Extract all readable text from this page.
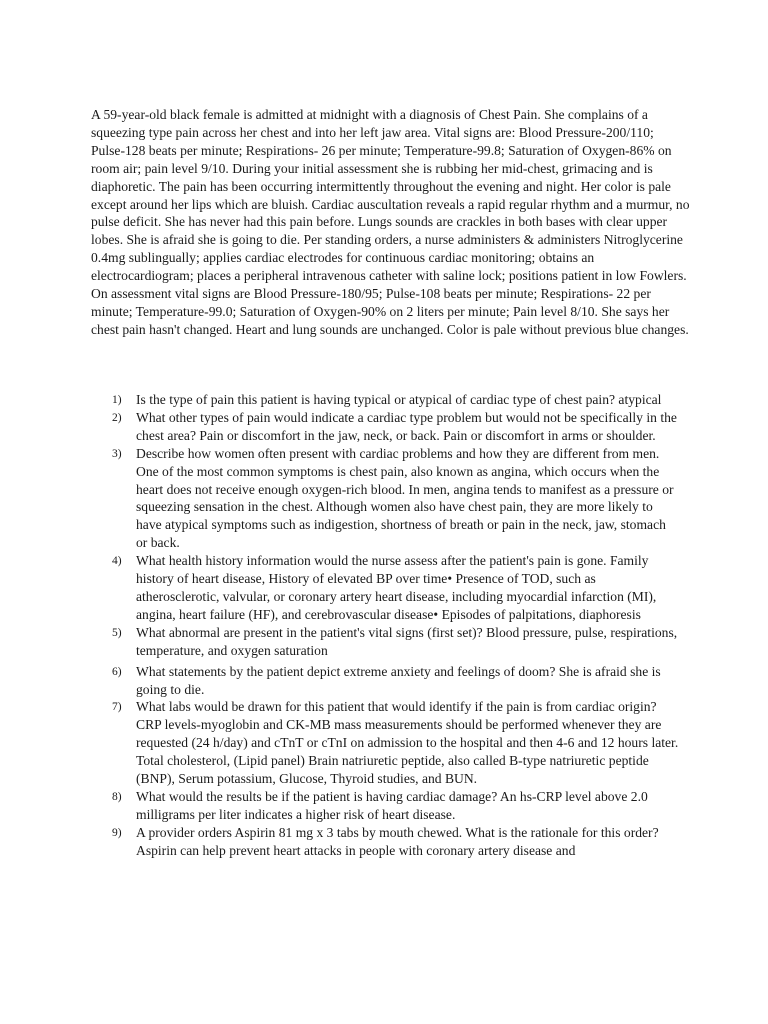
A 59-year-old black female is admitted at midnight with a diagnosis of Chest Pain. She complains of a squeezing type pain across her chest and into her left jaw area. Vital signs are: Blood Pressure-200/110; Pulse-128 beats per minute; Respirations- 26 per minute; Temperature-99.8; Saturation of Oxygen-86% on room air; pain level 9/10. During your initial assessment she is rubbing her mid-chest, grimacing and is diaphoretic. The pain has been occurring intermittently throughout the evening and night. Her color is pale except around her lips which are bluish. Cardiac auscultation reveals a rapid regular rhythm and a murmur, no pulse deficit. She has never had this pain before. Lungs sounds are crackles in both bases with clear upper lobes. She is afraid she is going to die. Per standing orders, a nurse administers & administers Nitroglycerine 0.4mg sublingually; applies cardiac electrodes for continuous cardiac monitoring; obtains an electrocardiogram; places a peripheral intravenous catheter with saline lock; positions patient in low Fowlers. On assessment vital signs are Blood Pressure-180/95; Pulse-108 beats per minute; Respirations- 22 per minute; Temperature-99.0; Saturation of Oxygen-90% on 2 liters per minute; Pain level 8/10. She says her chest pain hasn't changed. Heart and lung sounds are unchanged. Color is pale without previous blue changes.

1) Is the type of pain this patient is having typical or atypical of cardiac type of chest pain? atypical
2) What other types of pain would indicate a cardiac type problem but would not be specifically in the chest area? Pain or discomfort in the jaw, neck, or back. Pain or discomfort in arms or shoulder.
3) Describe how women often present with cardiac problems and how they are different from men. One of the most common symptoms is chest pain, also known as angina, which occurs when the heart does not receive enough oxygen-rich blood. In men, angina tends to manifest as a pressure or squeezing sensation in the chest. Although women also have chest pain, they are more likely to have atypical symptoms such as indigestion, shortness of breath or pain in the neck, jaw, stomach or back.
4) What health history information would the nurse assess after the patient's pain is gone. Family history of heart disease, History of elevated BP over time• Presence of TOD, such as atherosclerotic, valvular, or coronary artery heart disease, including myocardial infarction (MI), angina, heart failure (HF), and cerebrovascular disease• Episodes of palpitations, diaphoresis
5) What abnormal are present in the patient's vital signs (first set)? Blood pressure, pulse, respirations, temperature, and oxygen saturation
6) What statements by the patient depict extreme anxiety and feelings of doom? She is afraid she is going to die.
7) What labs would be drawn for this patient that would identify if the pain is from cardiac origin? CRP levels-myoglobin and CK-MB mass measurements should be performed whenever they are requested (24 h/day) and cTnT or cTnI on admission to the hospital and then 4-6 and 12 hours later. Total cholesterol, (Lipid panel) Brain natriuretic peptide, also called B-type natriuretic peptide (BNP), Serum potassium, Glucose, Thyroid studies, and BUN.
8) What would the results be if the patient is having cardiac damage? An hs-CRP level above 2.0 milligrams per liter indicates a higher risk of heart disease.
9) A provider orders Aspirin 81 mg x 3 tabs by mouth chewed. What is the rationale for this order? Aspirin can help prevent heart attacks in people with coronary artery disease and
